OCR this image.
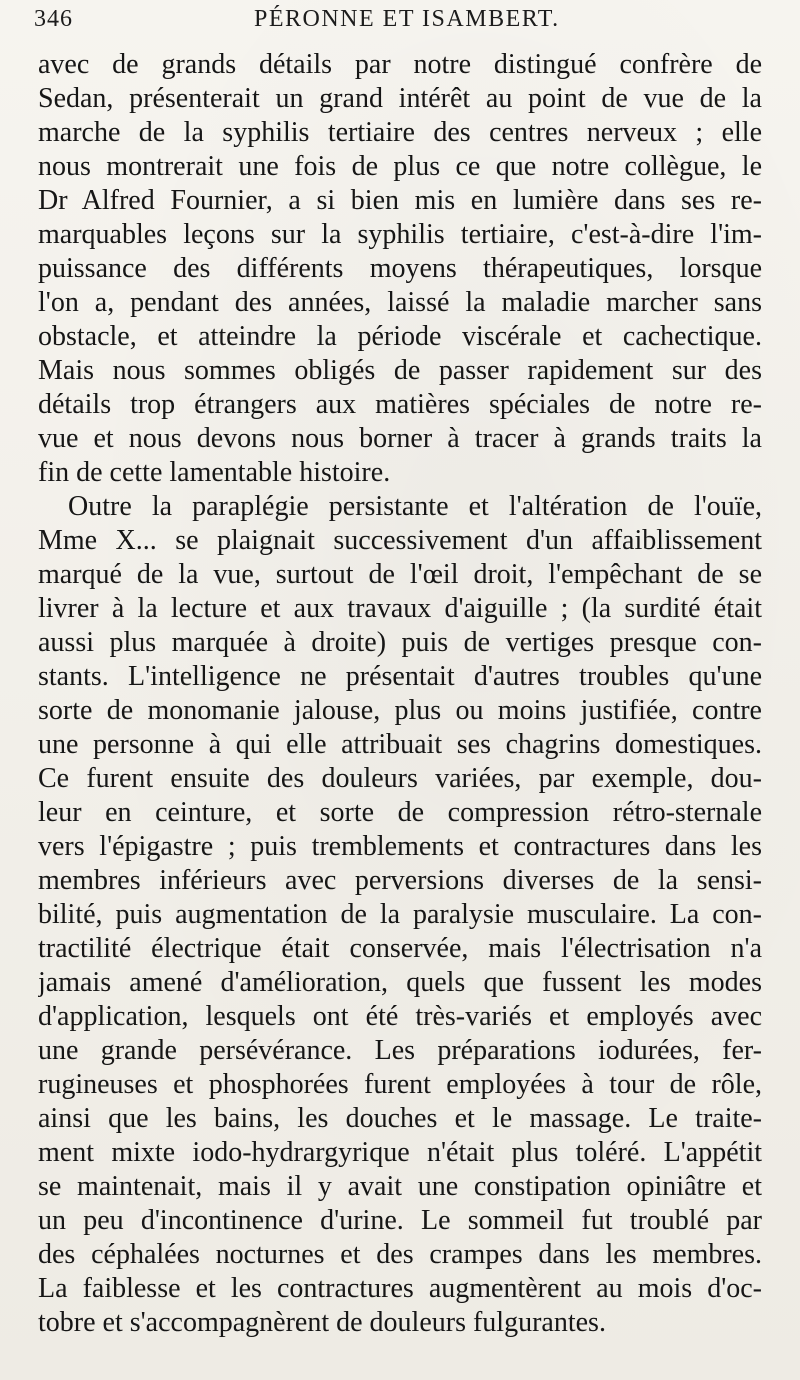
346	PÉRONNE ET ISAMBERT.
avec de grands détails par notre distingué confrère de
Sedan, présenterait un grand intérêt au point de vue de la
marche de la syphilis tertiaire des centres nerveux ; elle
nous montrerait une fois de plus ce que notre collègue, le
Dr Alfred Fournier, a si bien mis en lumière dans ses re-
marquables leçons sur la syphilis tertiaire, c'est-à-dire l'im-
puissance des différents moyens thérapeutiques, lorsque
l'on a, pendant des années, laissé la maladie marcher sans
obstacle, et atteindre la période viscérale et cachectique.
Mais nous sommes obligés de passer rapidement sur des
détails trop étrangers aux matières spéciales de notre re-
vue et nous devons nous borner à tracer à grands traits la
fin de cette lamentable histoire.
Outre la paraplégie persistante et l'altération de l'ouïe,
Mme X... se plaignait successivement d'un affaiblissement
marqué de la vue, surtout de l'œil droit, l'empêchant de se
livrer à la lecture et aux travaux d'aiguille ; (la surdité était
aussi plus marquée à droite) puis de vertiges presque con-
stants. L'intelligence ne présentait d'autres troubles qu'une
sorte de monomanie jalouse, plus ou moins justifiée, contre
une personne à qui elle attribuait ses chagrins domestiques.
Ce furent ensuite des douleurs variées, par exemple, dou-
leur en ceinture, et sorte de compression rétro-sternale
vers l'épigastre ; puis tremblements et contractures dans les
membres inférieurs avec perversions diverses de la sensi-
bilité, puis augmentation de la paralysie musculaire. La con-
tractilité électrique était conservée, mais l'électrisation n'a
jamais amené d'amélioration, quels que fussent les modes
d'application, lesquels ont été très-variés et employés avec
une grande persévérance. Les préparations iodurées, fer-
rugineuses et phosphorées furent employées à tour de rôle,
ainsi que les bains, les douches et le massage. Le traite-
ment mixte iodo-hydrargyrique n'était plus toléré. L'appétit
se maintenait, mais il y avait une constipation opiniâtre et
un peu d'incontinence d'urine. Le sommeil fut troublé par
des céphalées nocturnes et des crampes dans les membres.
La faiblesse et les contractures augmentèrent au mois d'oc-
tobre et s'accompagnèrent de douleurs fulgurantes.
